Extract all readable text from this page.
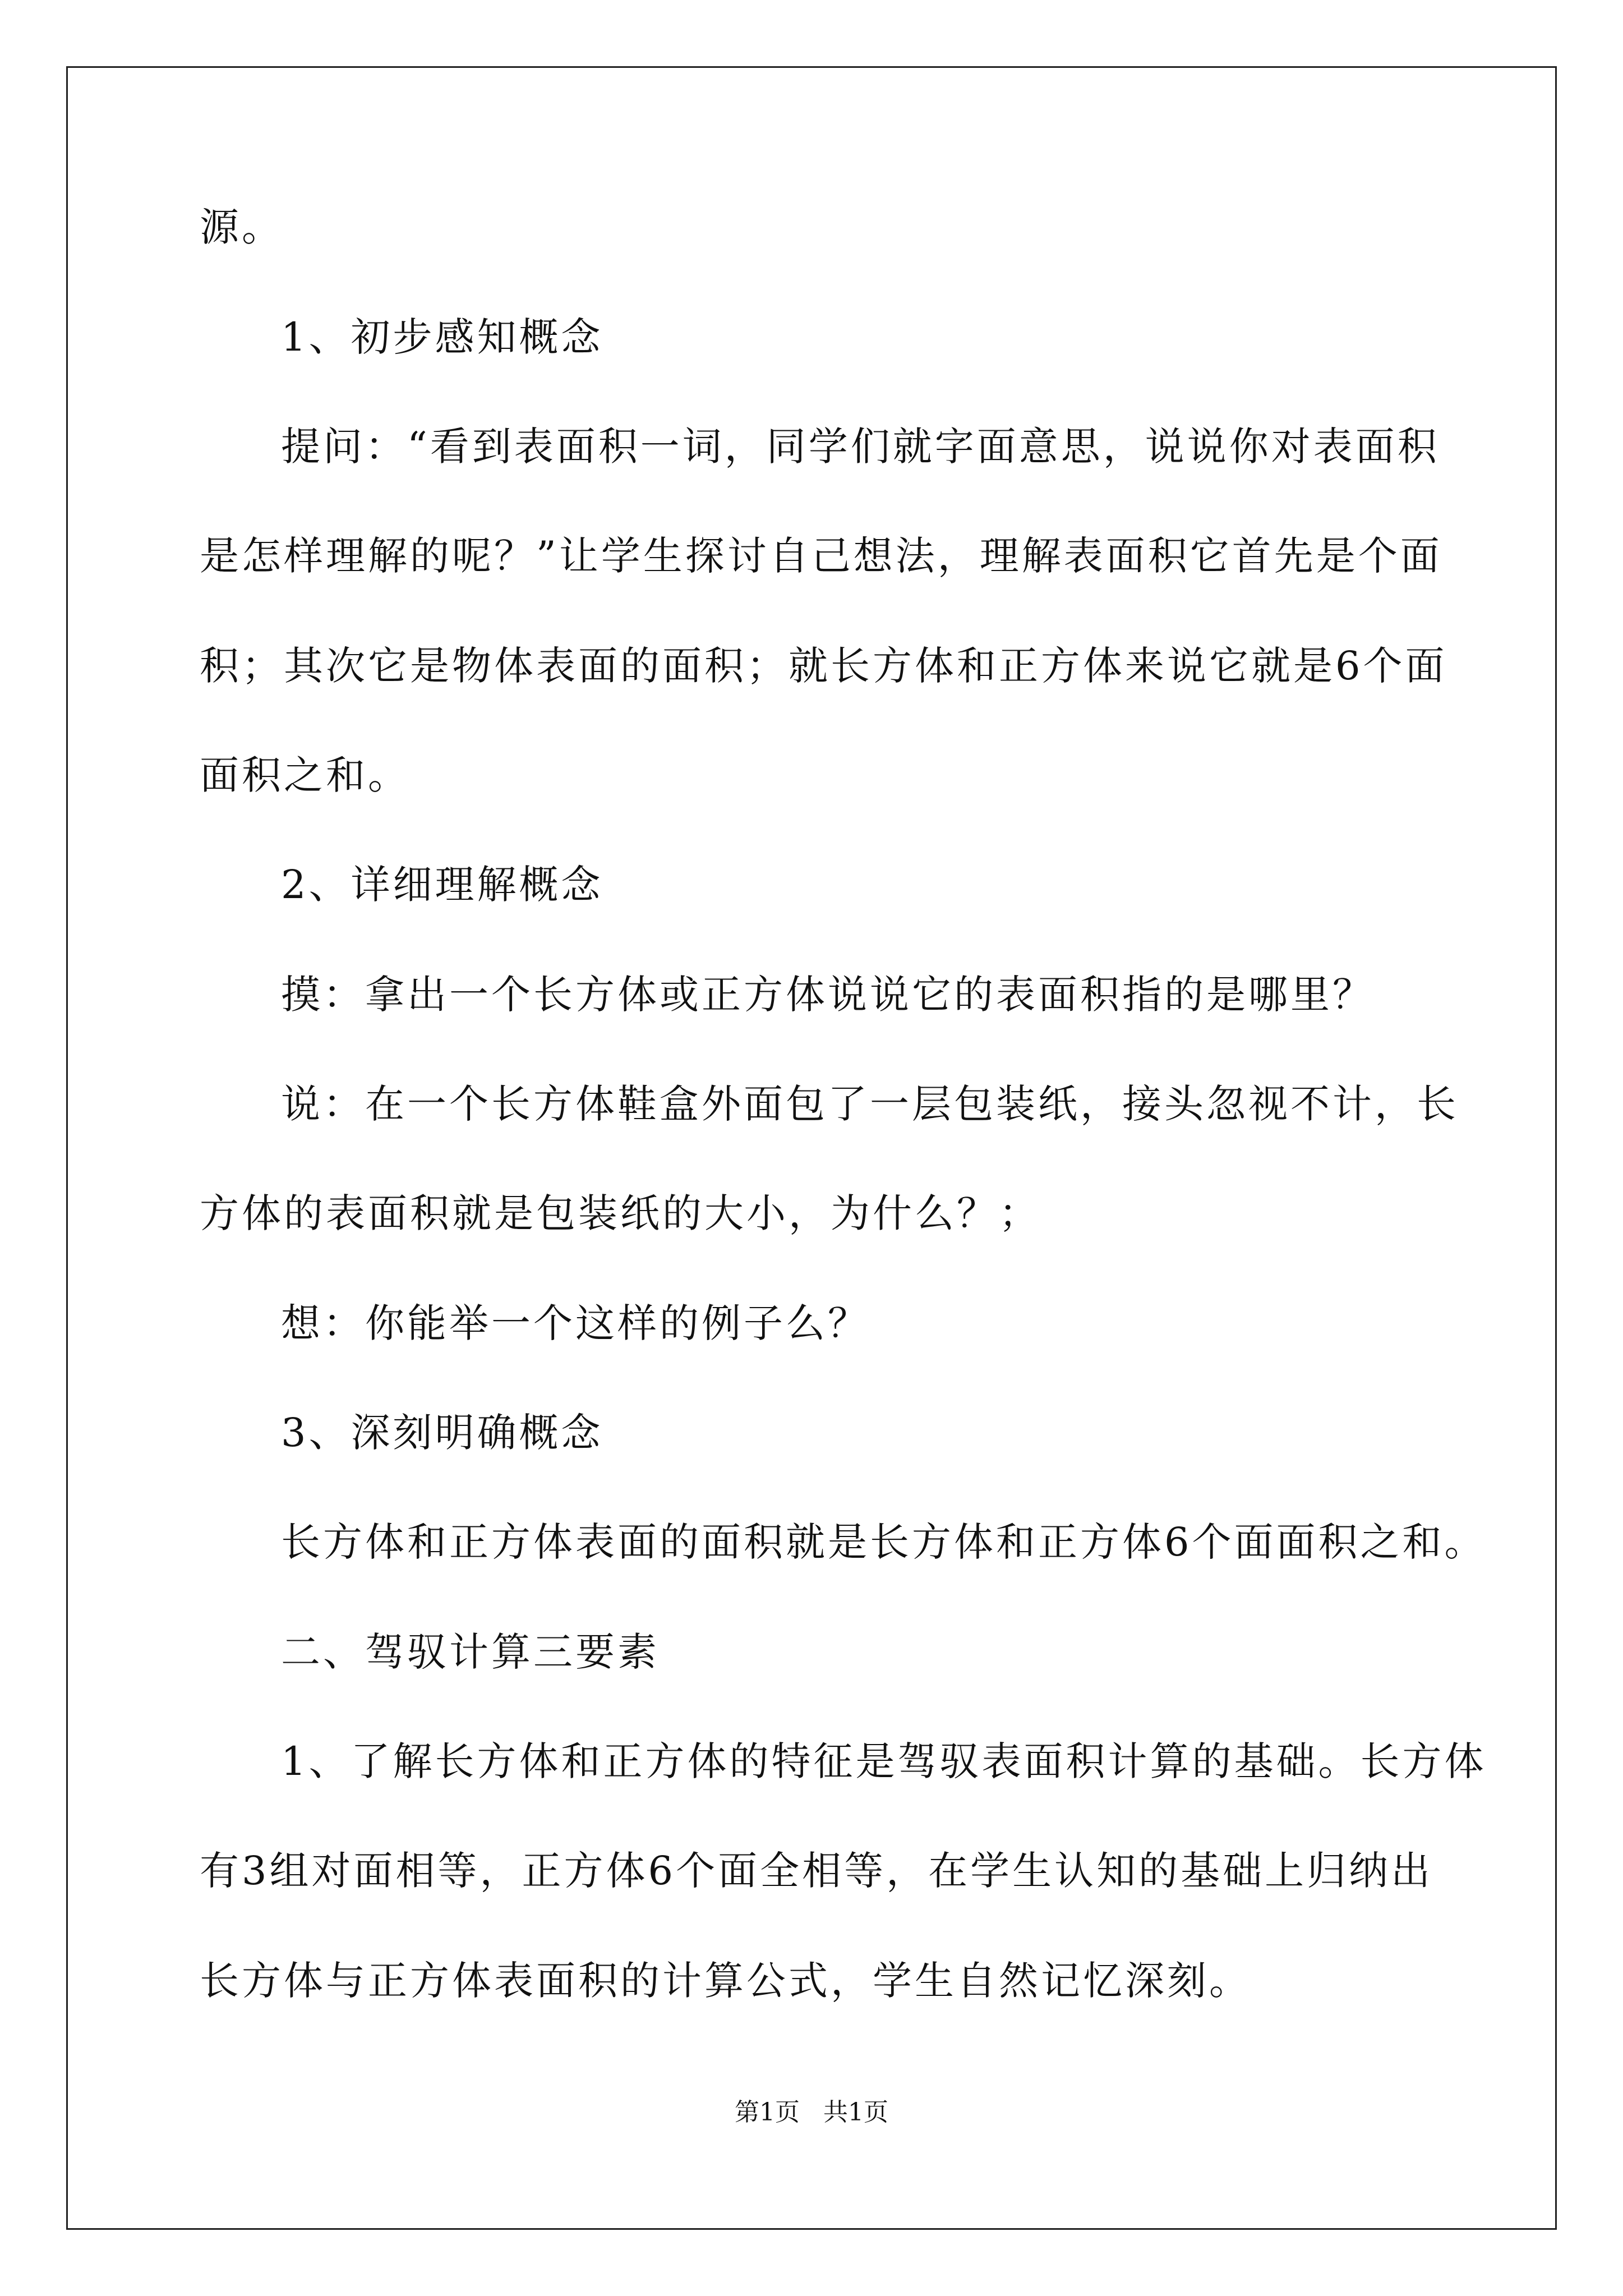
源。
1、初步感知概念
提问：“看到表面积一词，同学们就字面意思，说说你对表面积
是怎样理解的呢？”让学生探讨自己想法，理解表面积它首先是个面
积；其次它是物体表面的面积；就长方体和正方体来说它就是6个面
面积之和。
2、详细理解概念
摸：拿出一个长方体或正方体说说它的表面积指的是哪里？
说：在一个长方体鞋盒外面包了一层包装纸，接头忽视不计，长
方体的表面积就是包装纸的大小，为什么？；
想：你能举一个这样的例子么？
3、深刻明确概念
长方体和正方体表面的面积就是长方体和正方体6个面面积之和。
二、驾驭计算三要素
1、了解长方体和正方体的特征是驾驭表面积计算的基础。长方体
有3组对面相等，正方体6个面全相等，在学生认知的基础上归纳出
长方体与正方体表面积的计算公式，学生自然记忆深刻。
第1页 共1页
